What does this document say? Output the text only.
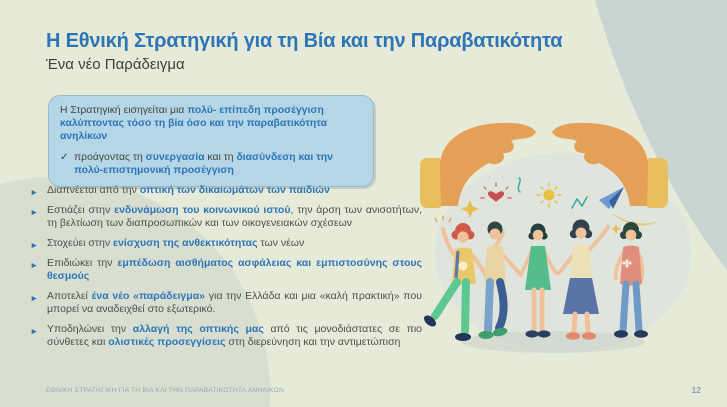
Η Εθνική Στρατηγική για τη Βία και την Παραβατικότητα
Ένα νέο Παράδειγμα

Η Στρατηγική εισηγείται μια πολύ- επίπεδη προσέγγιση καλύπτοντας τόσο τη βία όσο και την παραβατικότητα ανηλίκων

✓ προάγοντας τη συνεργασία και τη διασύνδεση και την πολύ-επιστημονική προσέγγιση

► Διαπνέεται από την οπτική των δικαιωμάτων των παιδιών
► Εστιάζει στην ενδυνάμωση του κοινωνικού ιστού, την άρση των ανισοτήτων, τη βελτίωση των διαπροσωπικών και των οικογενειακών σχέσεων
► Στοχεύει στην ενίσχυση της ανθεκτικότητας των νέων
► Επιδιώκει την εμπέδωση αισθήματος ασφάλειας και εμπιστοσύνης στους θεσμούς
► Αποτελεί ένα νέο «παράδειγμα» για την Ελλάδα και μια «καλή πρακτική» που μπορεί να αναδειχθεί στο εξωτερικό.
► Υποδηλώνει την αλλαγή της οπτικής μας από τις μονοδιάστατες σε πιο σύνθετες και ολιστικές προσεγγίσεις στη διερεύνηση και την αντιμετώπιση
ΕΘΝΙΚΗ ΣΤΡΑΤΗΓΙΚΗ ΓΙΑ ΤΗ ΒΙΑ ΚΑΙ ΤΗΝ ΠΑΡΑΒΑΤΙΚΟΤΗΤΑ ΑΝΗΛΙΚΩΝ	12
